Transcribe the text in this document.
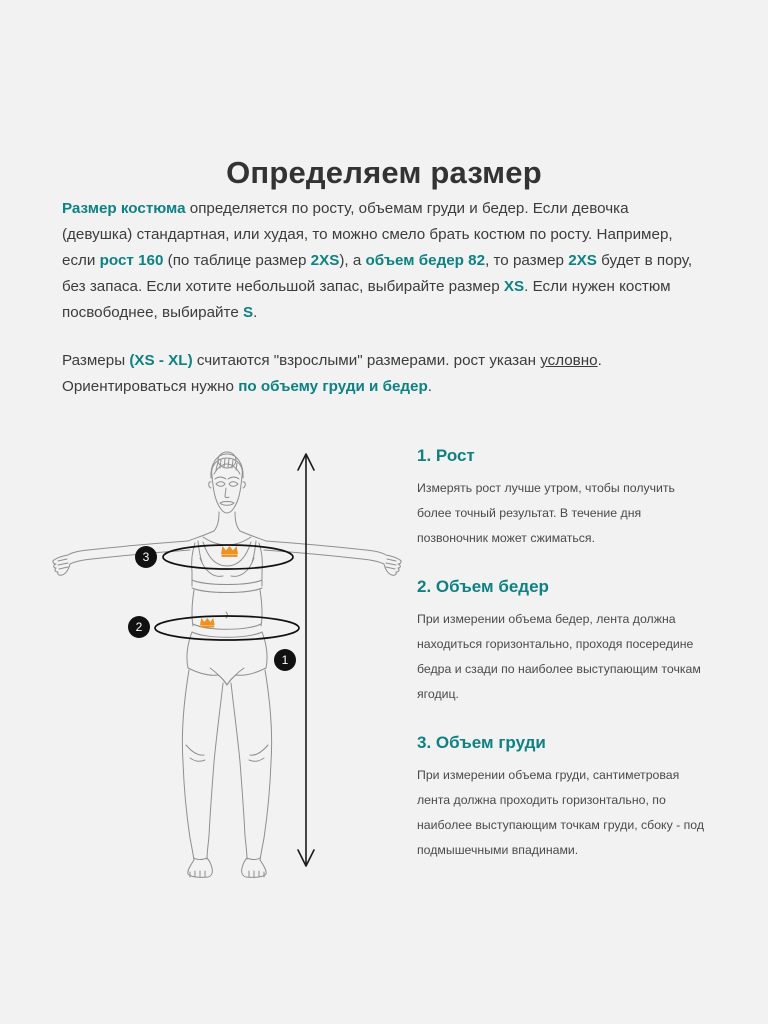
Определяем размер

Размер костюма определяется по росту, объемам груди и бедер. Если девочка (девушка) стандартная, или худая, то можно смело брать костюм по росту. Например, если рост 160 (по таблице размер 2XS), а объем бедер 82, то размер 2XS будет в пору, без запаса. Если хотите небольшой запас, выбирайте размер XS. Если нужен костюм посвободнее, выбирайте S.

Размеры (XS - XL) считаются "взрослыми" размерами. рост указан условно. Ориентироваться нужно по объему груди и бедер.

3
2
1
1. Рост

Измерять рост лучше утром, чтобы получить более точный результат. В течение дня позвоночник может сжиматься.

2. Объем бедер

При измерении объема бедер, лента должна находиться горизонтально, проходя посередине бедра и сзади по наиболее выступающим точкам ягодиц.

3. Объем груди

При измерении объема груди, сантиметровая лента должна проходить горизонтально, по наиболее выступающим точкам груди, сбоку - под подмышечными впадинами.
